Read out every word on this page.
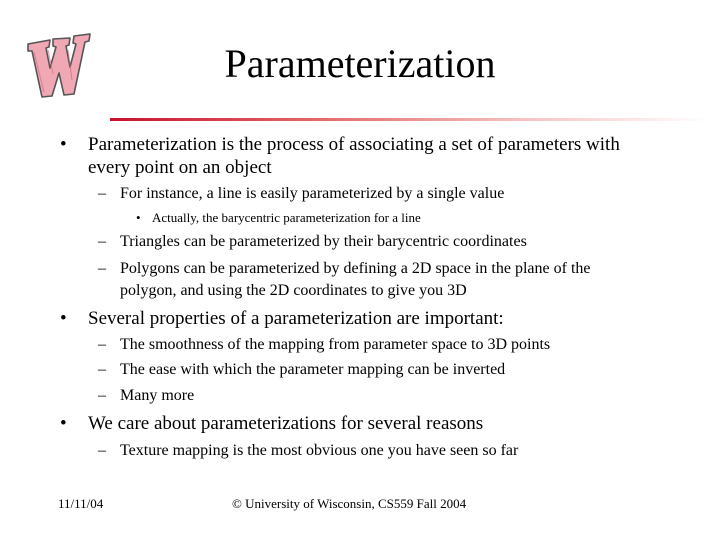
Parameterization
• Parameterization is the process of associating a set of parameters with
every point on an object
– For instance, a line is easily parameterized by a single value
• Actually, the barycentric parameterization for a line
– Triangles can be parameterized by their barycentric coordinates
– Polygons can be parameterized by defining a 2D space in the plane of the
polygon, and using the 2D coordinates to give you 3D
• Several properties of a parameterization are important:
– The smoothness of the mapping from parameter space to 3D points
– The ease with which the parameter mapping can be inverted
– Many more
• We care about parameterizations for several reasons
– Texture mapping is the most obvious one you have seen so far
11/11/04	© University of Wisconsin, CS559 Fall 2004
